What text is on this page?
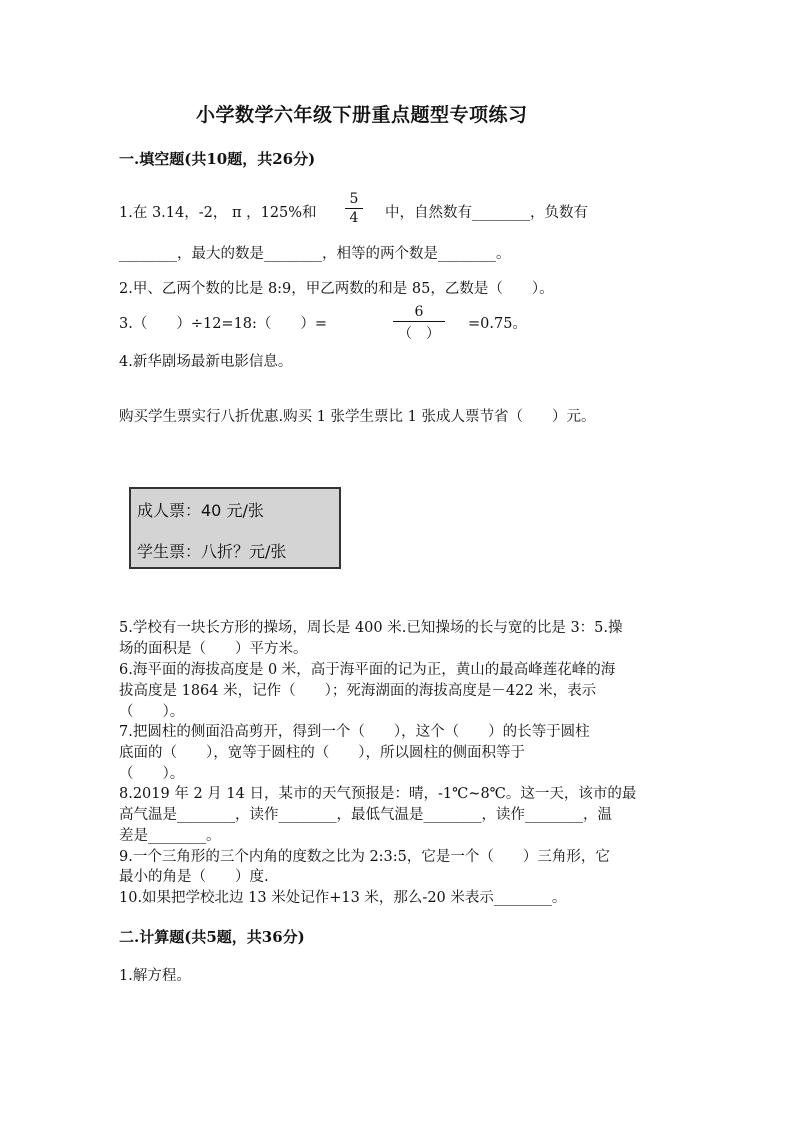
小学数学六年级下册重点题型专项练习
一.填空题(共10题，共26分)
1.在 3.14，-2， π ，125%和
5
4	中，自然数有________，负数有
________，最大的数是________，相等的两个数是________。
2.甲、乙两个数的比是 8:9，甲乙两数的和是 85，乙数是（　　）。
3.（　　）÷12=18:（　　）=
6
（　）
=0.75。
4.新华剧场最新电影信息。
购买学生票实行八折优惠.购买 1 张学生票比 1 张成人票节省（　　）元。
成人票：40 元/张
学生票：八折？元/张
5.学校有一块长方形的操场，周长是 400 米.已知操场的长与宽的比是 3：5.操
场的面积是（　　）平方米。
6.海平面的海拔高度是 0 米，高于海平面的记为正，黄山的最高峰莲花峰的海
拔高度是 1864 米，记作（　　）；死海湖面的海拔高度是－422 米，表示
（　　）。
7.把圆柱的侧面沿高剪开，得到一个（　　），这个（　　）的长等于圆柱
底面的（　　），宽等于圆柱的（　　），所以圆柱的侧面积等于
（　　）。
8.2019 年 2 月 14 日，某市的天气预报是：晴，-1℃~8℃。这一天，该市的最
高气温是________，读作________，最低气温是________，读作________，温
差是________。
9.一个三角形的三个内角的度数之比为 2:3:5，它是一个（　　）三角形，它
最小的角是（　　）度.
10.如果把学校北边 13 米处记作+13 米，那么-20 米表示________。
二.计算题(共5题，共36分)
1.解方程。
